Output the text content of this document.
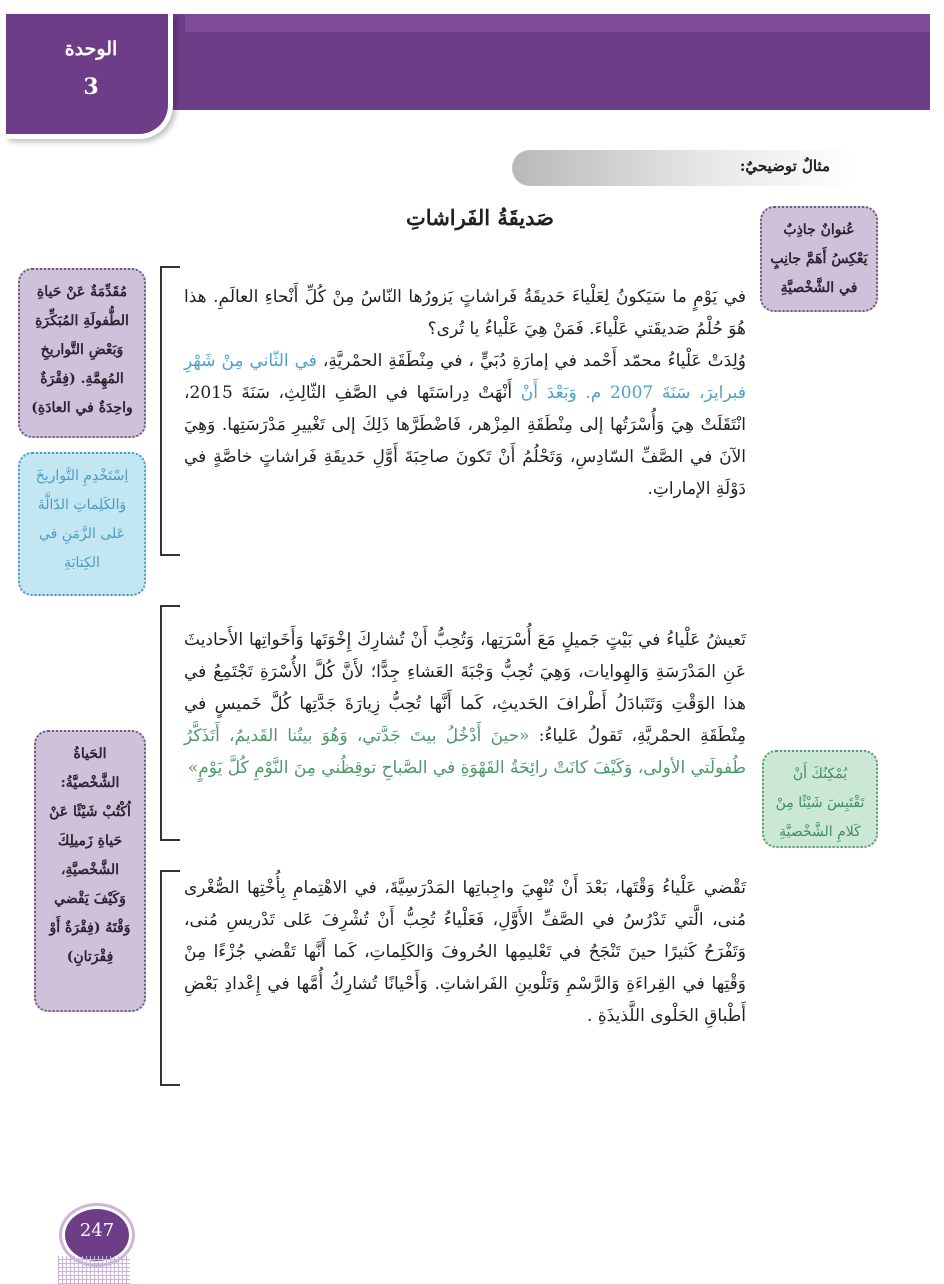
الوحدة
3
مثالٌ توضيحيٌ:
صَديقَةُ الفَراشاتِ
في يَوْمٍ ما سَيَكونُ لِعَلْياءَ حَديقَةُ فَراشاتٍ يَزورُها النّاسُ مِنْ كُلِّ أَنْحاءِ العالَمِ. هذا هُوَ حُلْمُ صَديقَتي عَلْياءَ. فَمَنْ هِيَ عَلْياءُ يا تُرى؟
وُلِدَتْ عَلْياءُ محمّد أَحْمد في إمارَةِ دُبَيٍّ ، في مِنْطَقَةِ الحمْريَّةِ، في الثّاني مِنْ شَهْرِ فبرايرَ، سَنَةَ 2007 م. وَبَعْدَ أَنْ أَنْهَتْ دِراسَتَها في الصَّفِ الثّالِثِ، سَنَةَ 2015، انْتَقَلَتْ هِيَ وَأُسْرَتُها إلى مِنْطَقَةِ المِزْهر، فَاضْطَرَّها ذَلِكَ إلى تَغْييرِ مَدْرَسَتِها. وَهِيَ الآنَ في الصَّفِّ السّادِسِ، وَتَحْلُمُ أَنْ تَكونَ صاحِبَةَ أَوَّلِ حَديقَةِ فَراشاتٍ خاصَّةٍ في دَوْلَةِ الإماراتِ.
تَعيشُ عَلْياءُ في بَيْتٍ جَميلٍ مَعَ أُسْرَتِها، وَتُحِبُّ أَنْ تُشارِكَ إِخْوَتَها وَأَخَواتِها الأَحاديثَ عَنِ المَدْرَسَةِ وَالهِوايات، وَهِيَ تُحِبُّ وَجْبَةَ العَشاءِ جِدًّا؛ لأَنَّ كُلَّ الأُسْرَةِ تَجْتَمِعُ في هذا الوَقْتِ وَتَتَبادَلُ أَطْرافَ الحَديثِ، كَما أَنَّها تُحِبُّ زِيارَةَ جَدَّتِها كُلَّ خَميسٍ في مِنْطَقَةِ الحمْريَّةِ، تَقولُ عَلياءُ: «حينَ أَدْخُلُ بيتَ جَدَّتي، وَهُوَ بيتُنا القَديمُ، أَتَذَكَّرُ طُفولَتي الأولى، وَكَيْفَ كانَتْ رائِحَةُ القَهْوَةِ في الصَّباحِ توقِظُني مِنَ النَّوْمِ كُلَّ يَوْمٍ»
تَقْضي عَلْياءُ وَقْتَها، بَعْدَ أَنْ تُنْهِيَ واجِباتِها المَدْرَسِيَّةَ، في الاهْتِمامِ بِأُخْتِها الصُّغْرى مُنى، الَّتي تَدْرُسُ في الصَّفِّ الأَوَّلِ، فَعَلْياءُ تُحِبُّ أَنْ تُشْرِفَ عَلى تَدْريسِ مُنى، وَتَفْرَحُ كَثيرًا حينَ تَنْجَحُ في تَعْليمِها الحُروفَ وَالكَلِماتِ، كَما أَنَّها تَقْضي جُزْءًا مِنْ وَقْتِها في القِراءَةِ وَالرَّسْمِ وَتَلْوينِ الفَراشاتِ. وَأَحْيانًا تُشارِكُ أُمَّها في إِعْدادِ بَعْضِ أَطْباقِ الحَلْوى اللَّذيذَةِ .
عُنوانٌ جاذِبٌ يَعْكِسُ أَهَمَّ جانِبٍ في الشَّخْصيَّةِ
مُقَدِّمَةٌ عَنْ حَياةِ الطُّفولَةِ المُبَكِّرَةِ وَبَعْضِ التَّواريخِ المُهِمَّةِ. (فِقْرَةٌ واحِدَةٌ في العادَةِ)
اِسْتَخْدِمِ التَّواريخَ وَالكَلِماتِ الدّالَّةَ عَلى الزَّمَنِ في الكِتابَةِ
يُمْكِنُكَ أَنْ تَقْتَبِسَ شَيْئًا مِنْ كَلامِ الشَّخْصيَّةِ
الحَياةُ الشَّخْصيَّةُ: اُكْتُبْ شَيْئًا عَنْ حَياةِ زَميلِكَ الشَّخْصيَّةِ، وَكَيْفَ يَقْضي وَقْتَهُ (فِقْرَةٌ أَوْ فِقْرَتانِ)
247
